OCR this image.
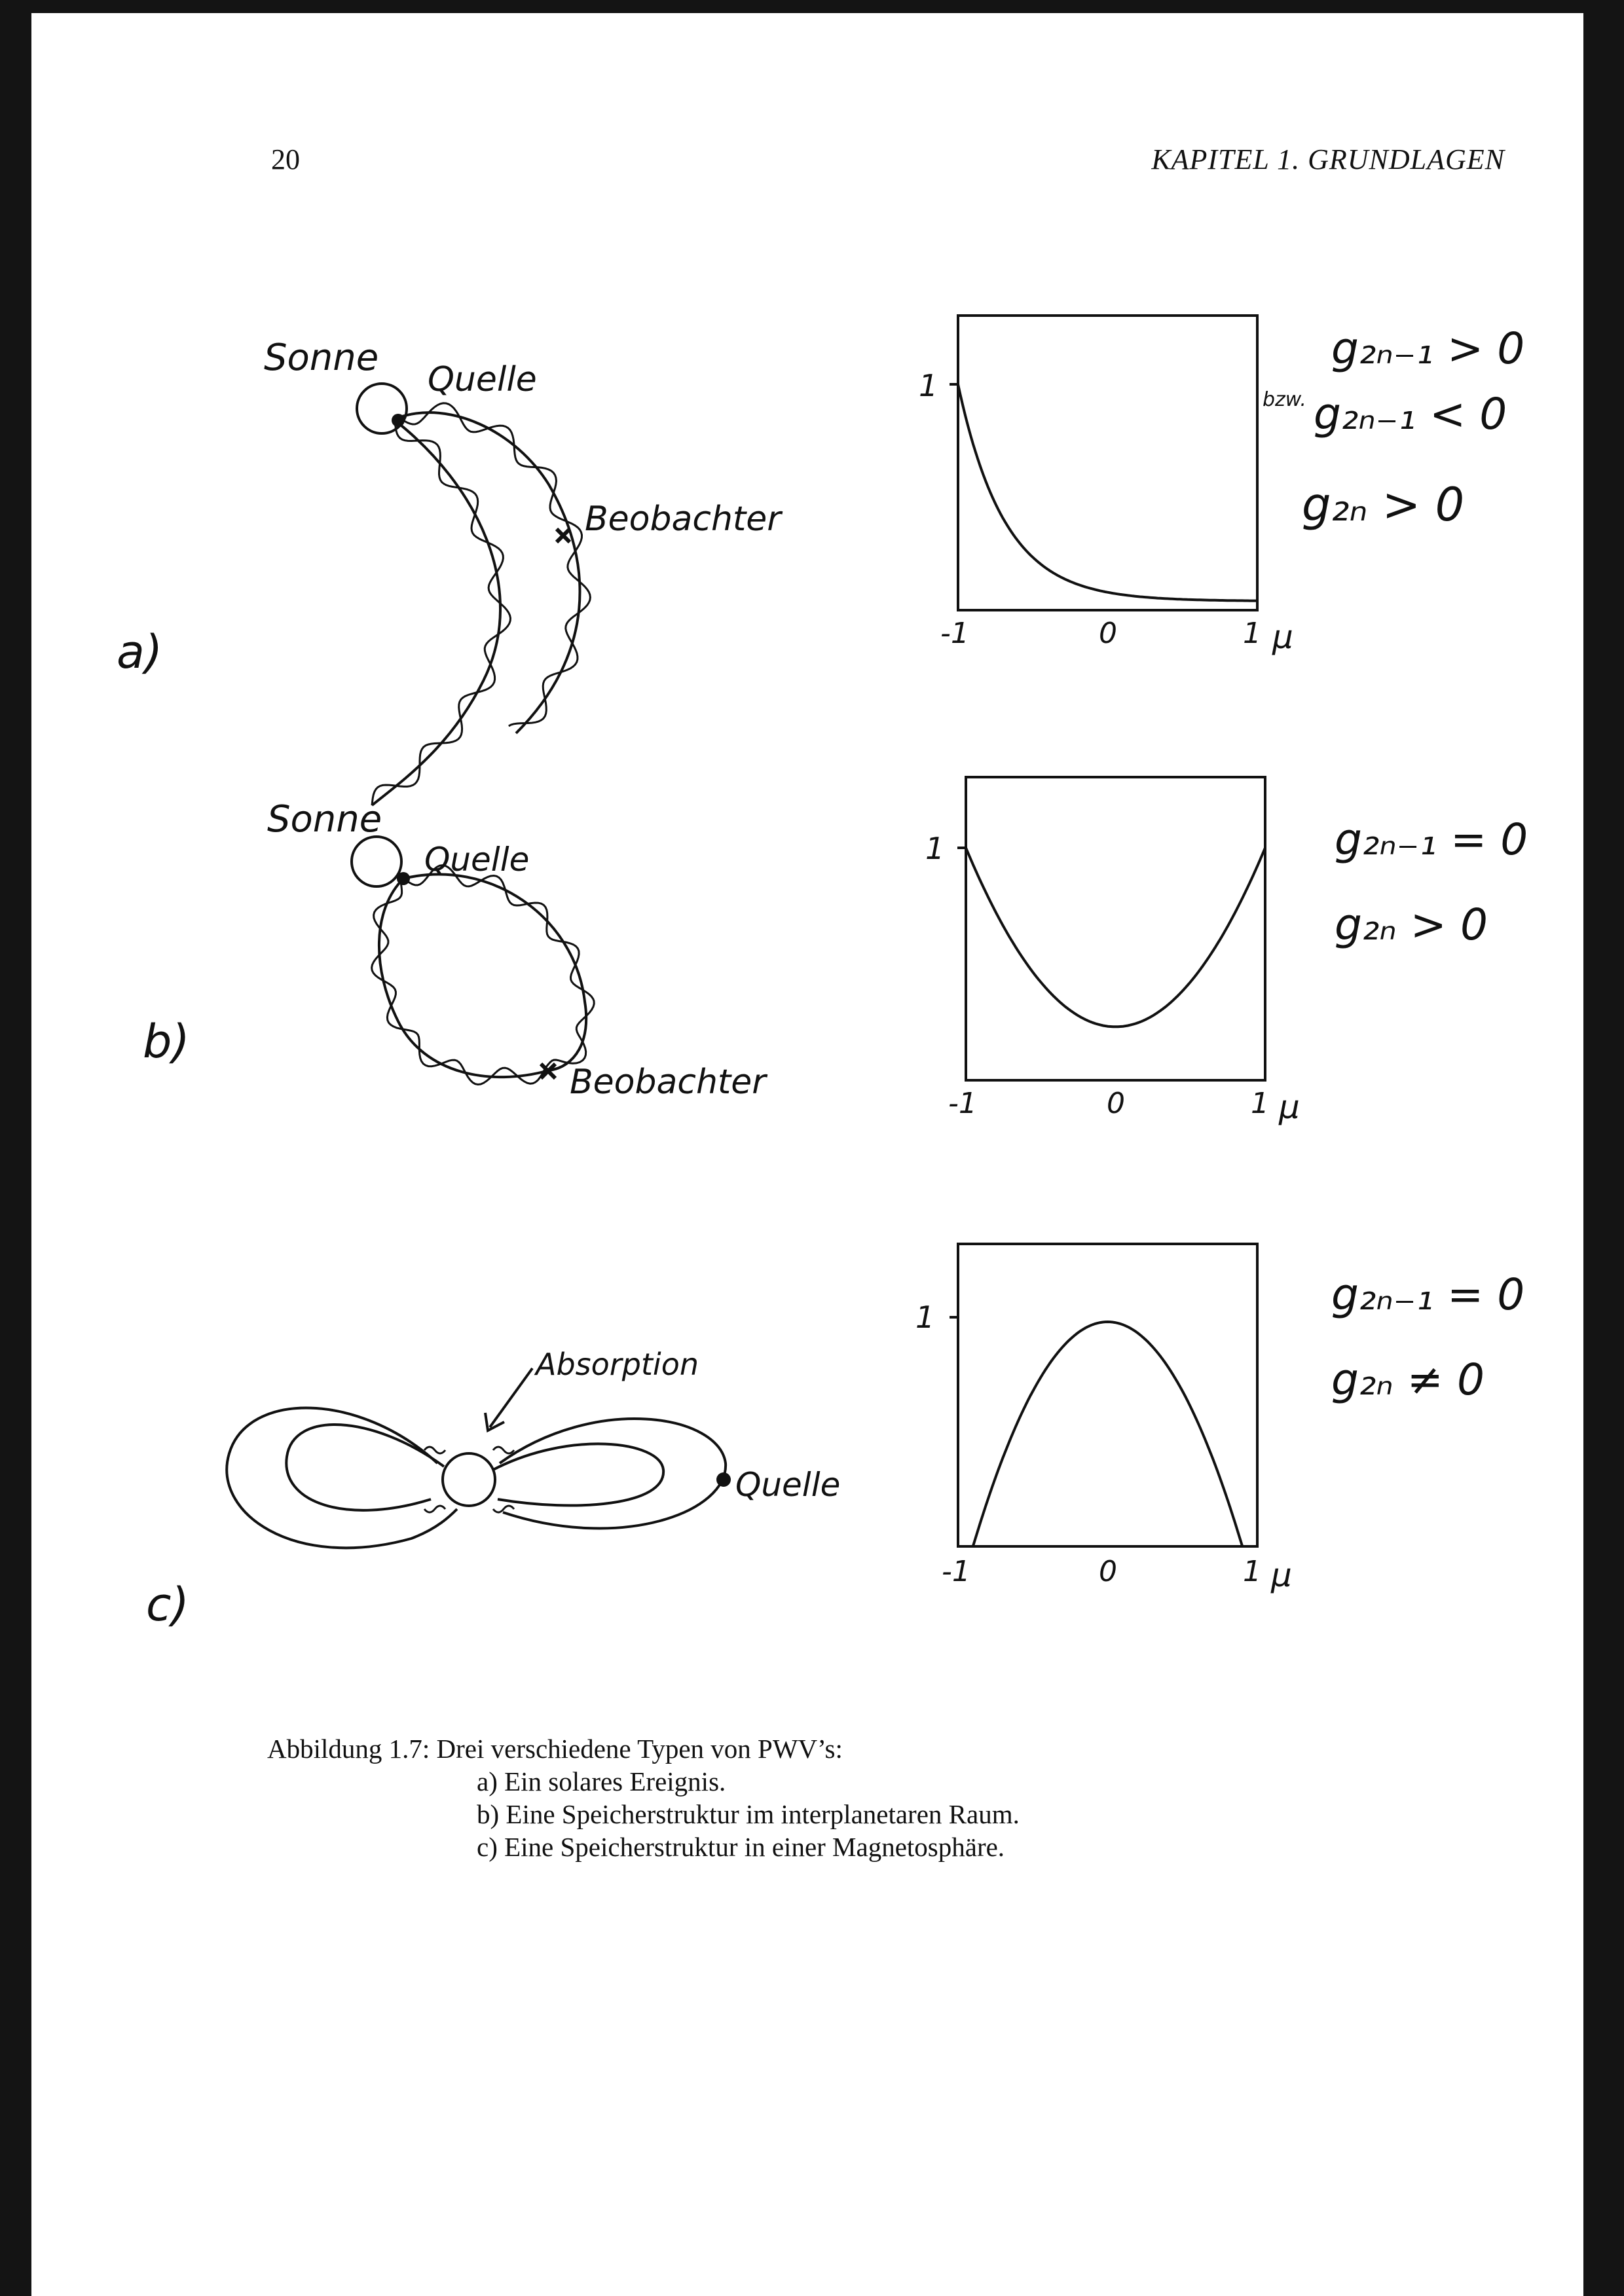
20	KAPITEL 1. GRUNDLAGEN
a)
Sonne
Quelle
Beobachter
1
-1	0	1 μ
g₂ₙ₋₁ > 0
bzw. g₂ₙ₋₁ < 0
g₂ₙ > 0
b)
Sonne
Quelle
Beobachter
1
-1	0	1 μ
g₂ₙ₋₁ = 0
g₂ₙ > 0
c)
Absorption
Quelle
1
-1	0	1 μ
g₂ₙ₋₁ = 0
g₂ₙ ≠ 0
Abbildung 1.7: Drei verschiedene Typen von PWV’s:
a) Ein solares Ereignis.
b) Eine Speicherstruktur im interplanetaren Raum.
c) Eine Speicherstruktur in einer Magnetosphäre.
